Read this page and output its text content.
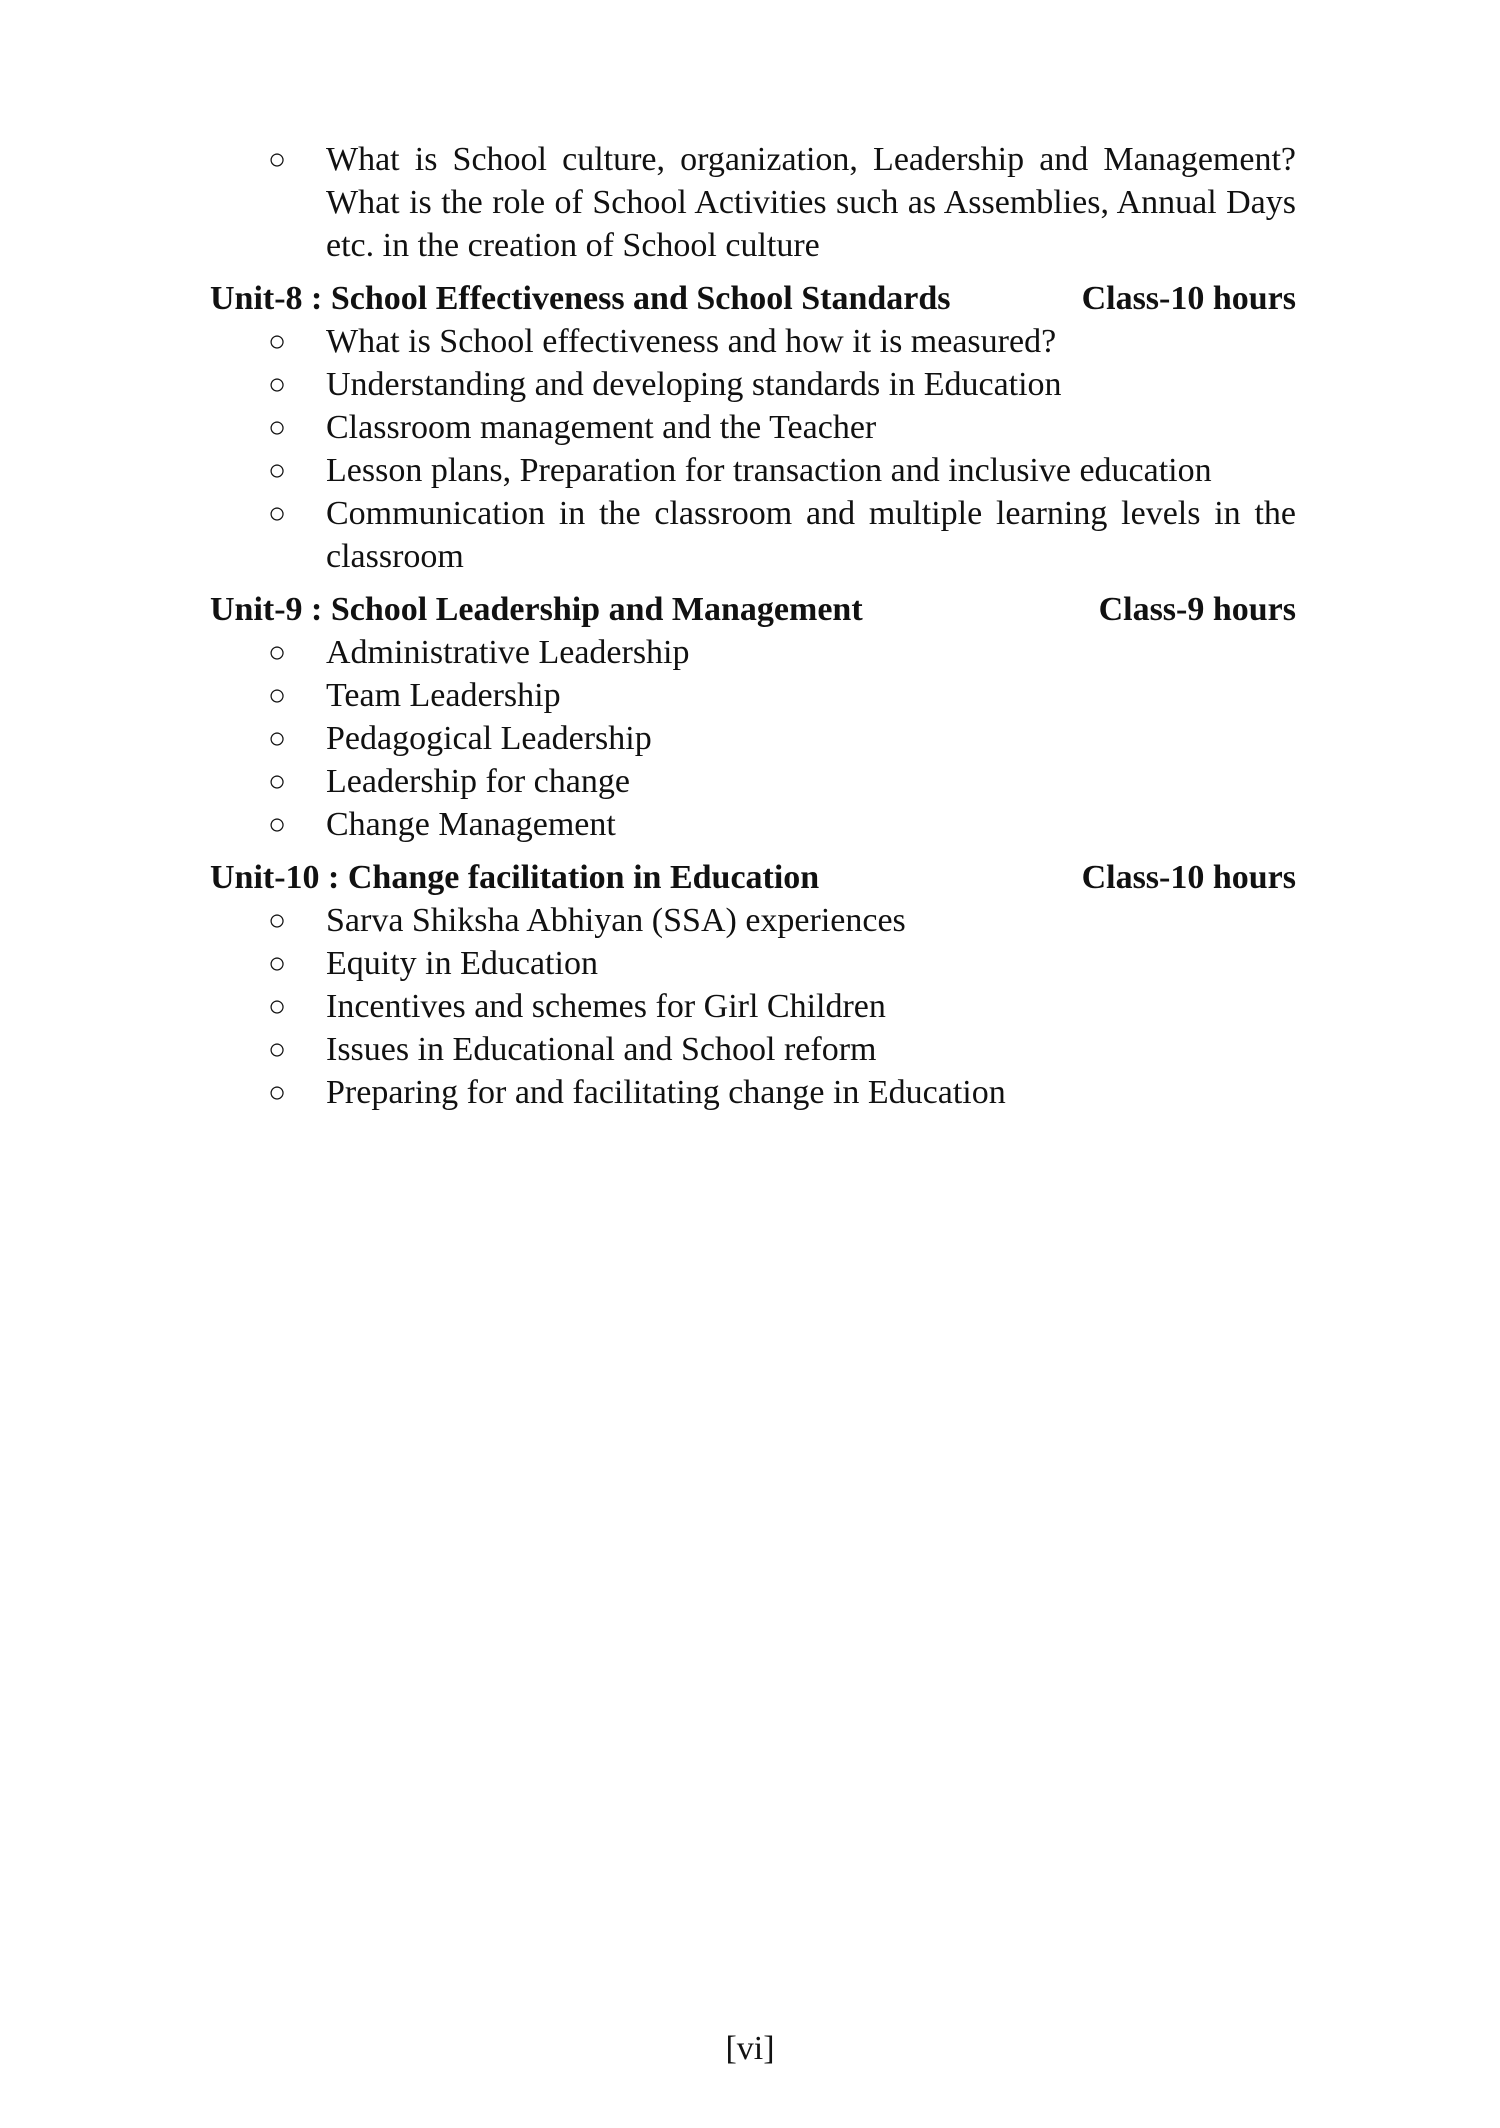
○	What is School culture, organization, Leadership and Management? What is the role of School Activities such as Assemblies, Annual Days etc. in the creation of School culture
Unit-8 : School Effectiveness and School Standards	Class-10 hours
○	What is School effectiveness and how it is measured?
○	Understanding and developing standards in Education
○	Classroom management and the Teacher
○	Lesson plans, Preparation for transaction and inclusive education
○	Communication in the classroom and multiple learning levels in the classroom
Unit-9 : School Leadership and Management	Class-9 hours
○	Administrative Leadership
○	Team Leadership
○	Pedagogical Leadership
○	Leadership for change
○	Change Management
Unit-10 : Change facilitation in Education	Class-10 hours
○	Sarva Shiksha Abhiyan (SSA) experiences
○	Equity in Education
○	Incentives and schemes for Girl Children
○	Issues in Educational and School reform
○	Preparing for and facilitating change in Education
[vi]
